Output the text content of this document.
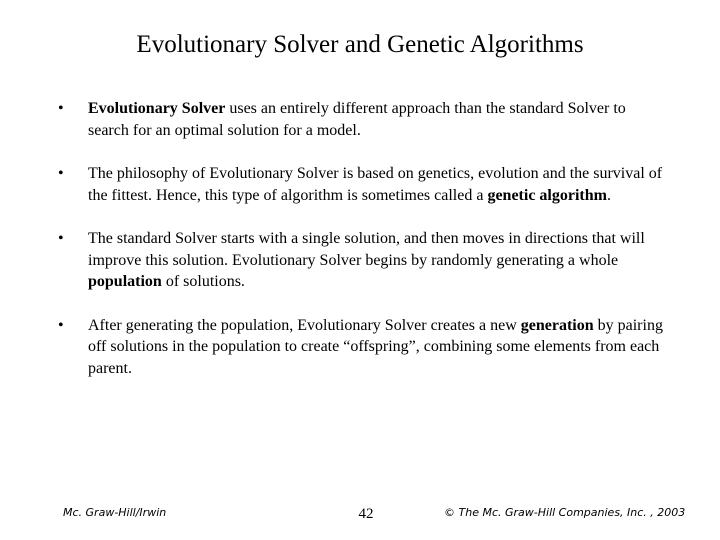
Evolutionary Solver and Genetic Algorithms
• Evolutionary Solver uses an entirely different approach than the standard Solver to search for an optimal solution for a model.
• The philosophy of Evolutionary Solver is based on genetics, evolution and the survival of the fittest. Hence, this type of algorithm is sometimes called a genetic algorithm.
• The standard Solver starts with a single solution, and then moves in directions that will improve this solution. Evolutionary Solver begins by randomly generating a whole population of solutions.
• After generating the population, Evolutionary Solver creates a new generation by pairing off solutions in the population to create “offspring”, combining some elements from each parent.
Mc. Graw-Hill/Irwin	42	© The Mc. Graw-Hill Companies, Inc. , 2003
